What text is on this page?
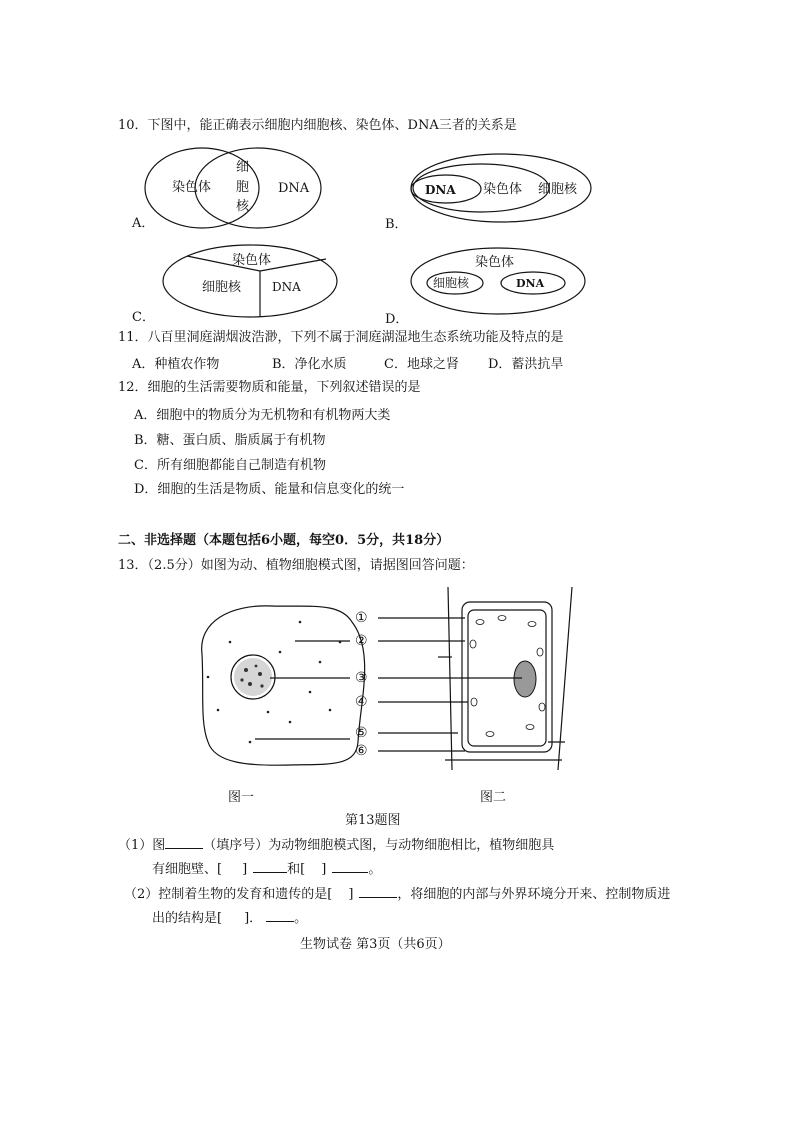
10．下图中，能正确表示细胞内细胞核、染色体、DNA三者的关系是
染色体
细
胞
核
DNA
A．
DNA 染色体 细胞核
B．
染色体
细胞核	DNA
C．
染色体
细胞核	DNA
D．
11．八百里洞庭湖烟波浩渺，下列不属于洞庭湖湿地生态系统功能及特点的是
A．种植农作物	B．净化水质	C．地球之肾 D．蓄洪抗旱
12．细胞的生活需要物质和能量，下列叙述错误的是
A．细胞中的物质分为无机物和有机物两大类
B．糖、蛋白质、脂质属于有机物
C．所有细胞都能自己制造有机物
D．细胞的生活是物质、能量和信息变化的统一
二、非选择题（本题包括6小题，每空0．5分，共18分）
13．（2.5分）如图为动、植物细胞模式图，请据图回答问题：
①
②
③
④
⑤
⑥
图一	图二
第13题图
（1）图	（填序号）为动物细胞模式图，与动物细胞相比，植物细胞具
有细胞壁、[ ]	和[ ]	。
（2）控制着生物的发育和遗传的是[ ]	，将细胞的内部与外界环境分开来、控制物质进
出的结构是[ ]． 。
生物试卷 第3页（共6页）
